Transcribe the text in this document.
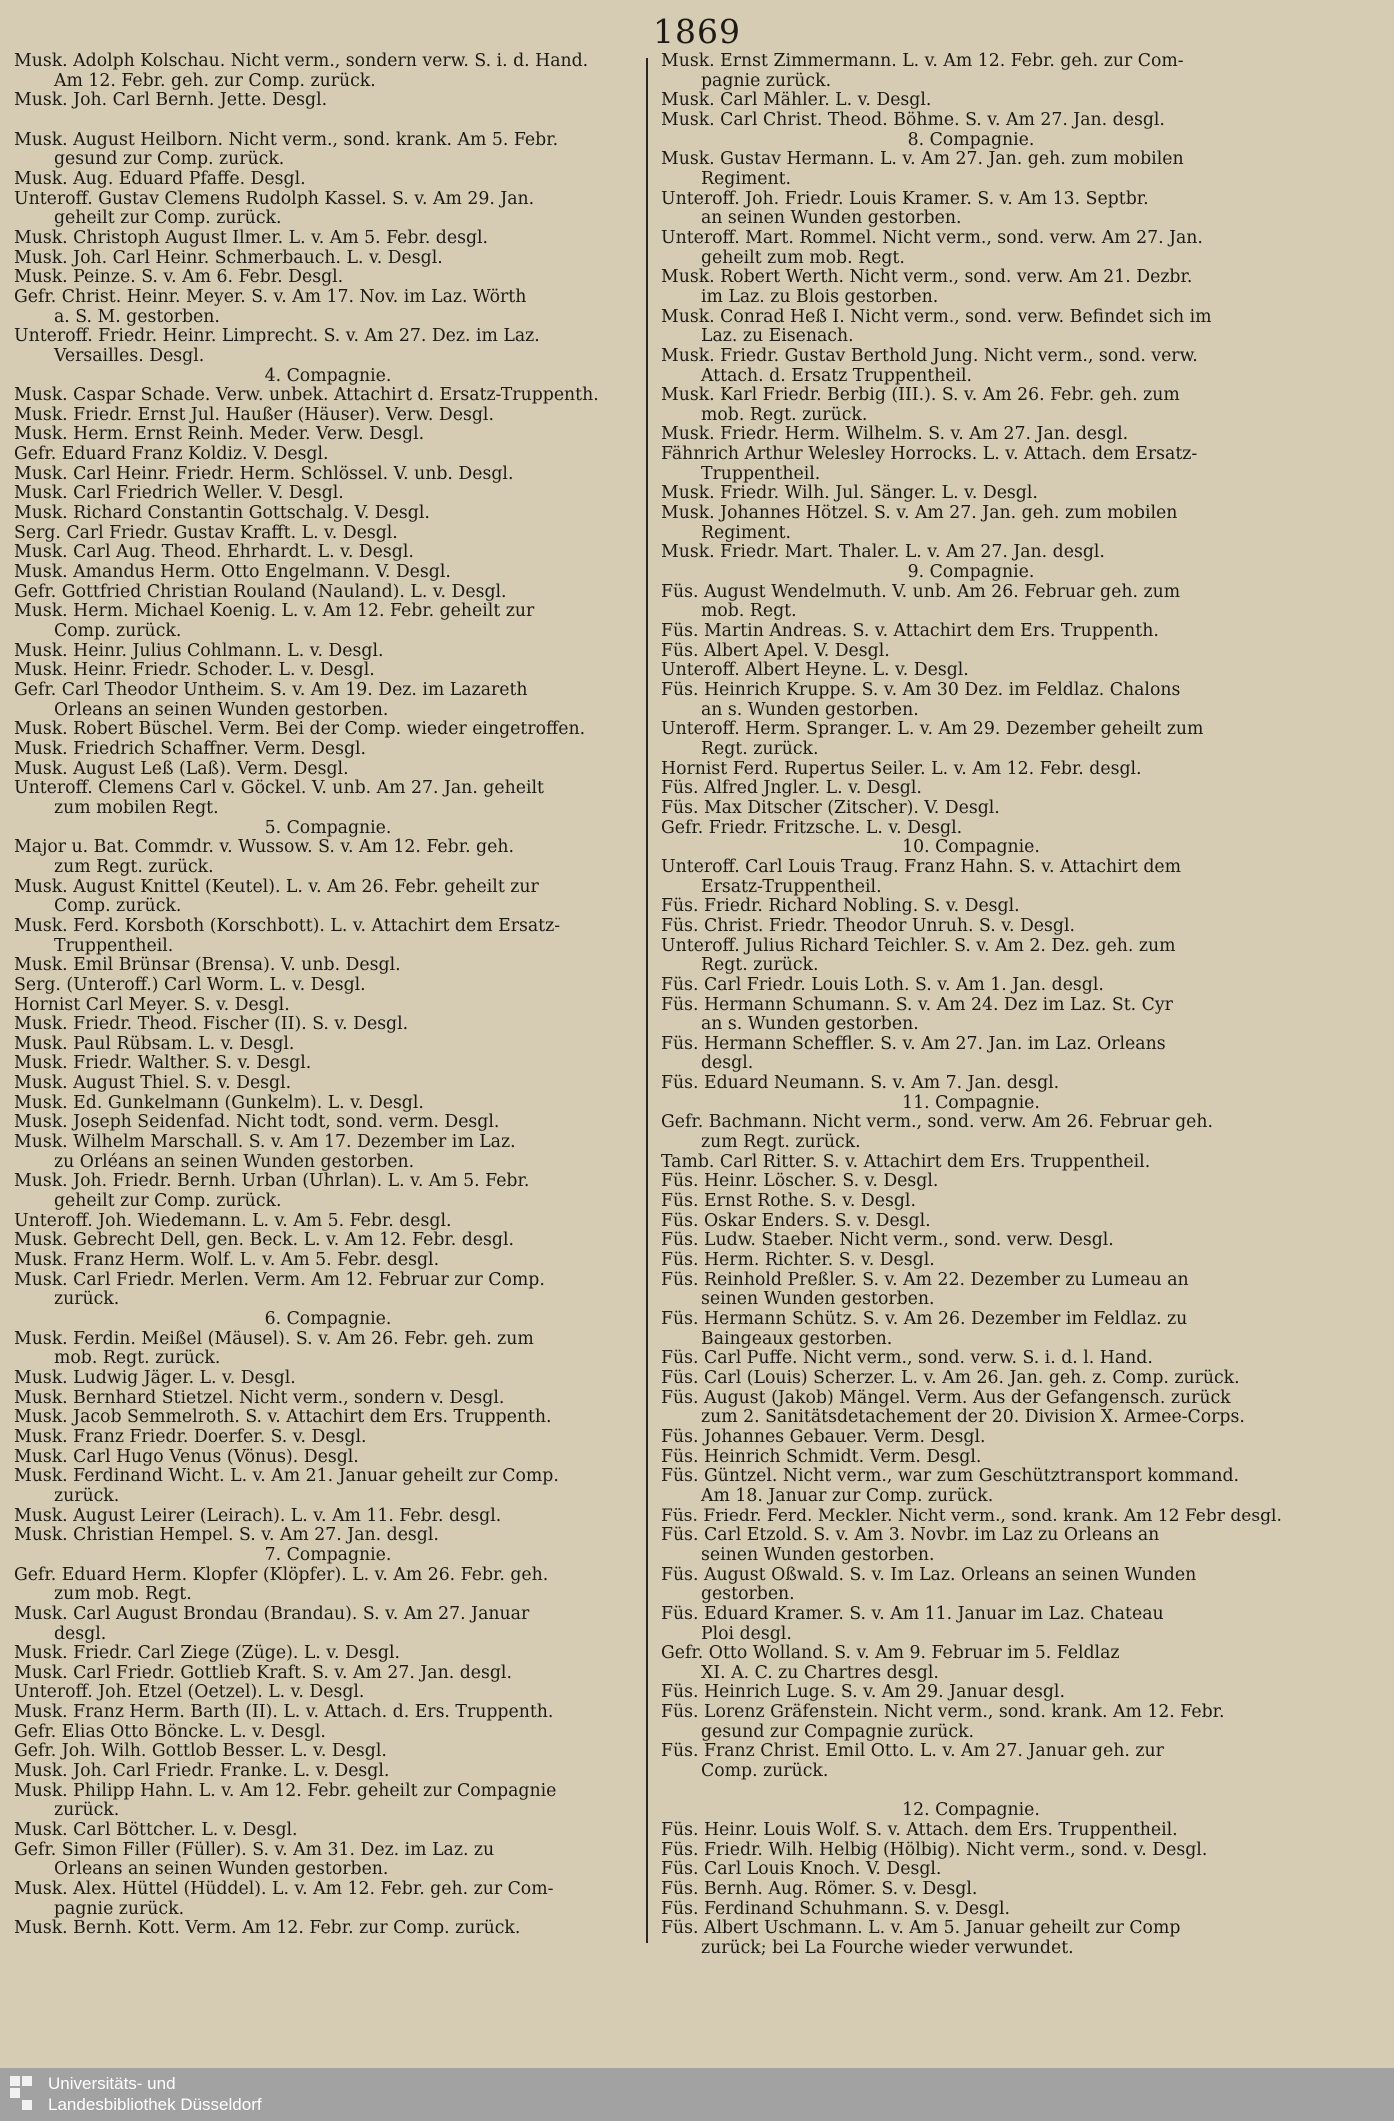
1869
Musk. Adolph Kolschau. Nicht verm., sondern verw. S. i. d. Hand.
Am 12. Febr. geh. zur Comp. zurück.
Musk. Joh. Carl Bernh. Jette. Desgl.

Musk. August Heilborn. Nicht verm., sond. krank. Am 5. Febr.
gesund zur Comp. zurück.
Musk. Aug. Eduard Pfaffe. Desgl.
Unteroff. Gustav Clemens Rudolph Kassel. S. v. Am 29. Jan.
geheilt zur Comp. zurück.
Musk. Christoph August Ilmer. L. v. Am 5. Febr. desgl.
Musk. Joh. Carl Heinr. Schmerbauch. L. v. Desgl.
Musk. Peinze. S. v. Am 6. Febr. Desgl.
Gefr. Christ. Heinr. Meyer. S. v. Am 17. Nov. im Laz. Wörth
a. S. M. gestorben.
Unteroff. Friedr. Heinr. Limprecht. S. v. Am 27. Dez. im Laz.
Versailles. Desgl.
4. Compagnie.
Musk. Caspar Schade. Verw. unbek. Attachirt d. Ersatz-Truppenth.
Musk. Friedr. Ernst Jul. Haußer (Häuser). Verw. Desgl.
Musk. Herm. Ernst Reinh. Meder. Verw. Desgl.
Gefr. Eduard Franz Koldiz. V. Desgl.
Musk. Carl Heinr. Friedr. Herm. Schlössel. V. unb. Desgl.
Musk. Carl Friedrich Weller. V. Desgl.
Musk. Richard Constantin Gottschalg. V. Desgl.
Serg. Carl Friedr. Gustav Krafft. L. v. Desgl.
Musk. Carl Aug. Theod. Ehrhardt. L. v. Desgl.
Musk. Amandus Herm. Otto Engelmann. V. Desgl.
Gefr. Gottfried Christian Rouland (Nauland). L. v. Desgl.
Musk. Herm. Michael Koenig. L. v. Am 12. Febr. geheilt zur
Comp. zurück.
Musk. Heinr. Julius Cohlmann. L. v. Desgl.
Musk. Heinr. Friedr. Schoder. L. v. Desgl.
Gefr. Carl Theodor Untheim. S. v. Am 19. Dez. im Lazareth
Orleans an seinen Wunden gestorben.
Musk. Robert Büschel. Verm. Bei der Comp. wieder eingetroffen.
Musk. Friedrich Schaffner. Verm. Desgl.
Musk. August Leß (Laß). Verm. Desgl.
Unteroff. Clemens Carl v. Göckel. V. unb. Am 27. Jan. geheilt
zum mobilen Regt.
5. Compagnie.
Major u. Bat. Commdr. v. Wussow. S. v. Am 12. Febr. geh.
zum Regt. zurück.
Musk. August Knittel (Keutel). L. v. Am 26. Febr. geheilt zur
Comp. zurück.
Musk. Ferd. Korsboth (Korschbott). L. v. Attachirt dem Ersatz-
Truppentheil.
Musk. Emil Brünsar (Brensa). V. unb. Desgl.
Serg. (Unteroff.) Carl Worm. L. v. Desgl.
Hornist Carl Meyer. S. v. Desgl.
Musk. Friedr. Theod. Fischer (II). S. v. Desgl.
Musk. Paul Rübsam. L. v. Desgl.
Musk. Friedr. Walther. S. v. Desgl.
Musk. August Thiel. S. v. Desgl.
Musk. Ed. Gunkelmann (Gunkelm). L. v. Desgl.
Musk. Joseph Seidenfad. Nicht todt, sond. verm. Desgl.
Musk. Wilhelm Marschall. S. v. Am 17. Dezember im Laz.
zu Orléans an seinen Wunden gestorben.
Musk. Joh. Friedr. Bernh. Urban (Uhrlan). L. v. Am 5. Febr.
geheilt zur Comp. zurück.
Unteroff. Joh. Wiedemann. L. v. Am 5. Febr. desgl.
Musk. Gebrecht Dell, gen. Beck. L. v. Am 12. Febr. desgl.
Musk. Franz Herm. Wolf. L. v. Am 5. Febr. desgl.
Musk. Carl Friedr. Merlen. Verm. Am 12. Februar zur Comp.
zurück.
6. Compagnie.
Musk. Ferdin. Meißel (Mäusel). S. v. Am 26. Febr. geh. zum
mob. Regt. zurück.
Musk. Ludwig Jäger. L. v. Desgl.
Musk. Bernhard Stietzel. Nicht verm., sondern v. Desgl.
Musk. Jacob Semmelroth. S. v. Attachirt dem Ers. Truppenth.
Musk. Franz Friedr. Doerfer. S. v. Desgl.
Musk. Carl Hugo Venus (Vönus). Desgl.
Musk. Ferdinand Wicht. L. v. Am 21. Januar geheilt zur Comp.
zurück.
Musk. August Leirer (Leirach). L. v. Am 11. Febr. desgl.
Musk. Christian Hempel. S. v. Am 27. Jan. desgl.
7. Compagnie.
Gefr. Eduard Herm. Klopfer (Klöpfer). L. v. Am 26. Febr. geh.
zum mob. Regt.
Musk. Carl August Brondau (Brandau). S. v. Am 27. Januar
desgl.
Musk. Friedr. Carl Ziege (Züge). L. v. Desgl.
Musk. Carl Friedr. Gottlieb Kraft. S. v. Am 27. Jan. desgl.
Unteroff. Joh. Etzel (Oetzel). L. v. Desgl.
Musk. Franz Herm. Barth (II). L. v. Attach. d. Ers. Truppenth.
Gefr. Elias Otto Böncke. L. v. Desgl.
Gefr. Joh. Wilh. Gottlob Besser. L. v. Desgl.
Musk. Joh. Carl Friedr. Franke. L. v. Desgl.
Musk. Philipp Hahn. L. v. Am 12. Febr. geheilt zur Compagnie
zurück.
Musk. Carl Böttcher. L. v. Desgl.
Gefr. Simon Filler (Füller). S. v. Am 31. Dez. im Laz. zu
Orleans an seinen Wunden gestorben.
Musk. Alex. Hüttel (Hüddel). L. v. Am 12. Febr. geh. zur Com-
pagnie zurück.
Musk. Bernh. Kott. Verm. Am 12. Febr. zur Comp. zurück.
Musk. Ernst Zimmermann. L. v. Am 12. Febr. geh. zur Com-
pagnie zurück.
Musk. Carl Mähler. L. v. Desgl.
Musk. Carl Christ. Theod. Böhme. S. v. Am 27. Jan. desgl.
8. Compagnie.
Musk. Gustav Hermann. L. v. Am 27. Jan. geh. zum mobilen
Regiment.
Unteroff. Joh. Friedr. Louis Kramer. S. v. Am 13. Septbr.
an seinen Wunden gestorben.
Unteroff. Mart. Rommel. Nicht verm., sond. verw. Am 27. Jan.
geheilt zum mob. Regt.
Musk. Robert Werth. Nicht verm., sond. verw. Am 21. Dezbr.
im Laz. zu Blois gestorben.
Musk. Conrad Heß I. Nicht verm., sond. verw. Befindet sich im
Laz. zu Eisenach.
Musk. Friedr. Gustav Berthold Jung. Nicht verm., sond. verw.
Attach. d. Ersatz Truppentheil.
Musk. Karl Friedr. Berbig (III.). S. v. Am 26. Febr. geh. zum
mob. Regt. zurück.
Musk. Friedr. Herm. Wilhelm. S. v. Am 27. Jan. desgl.
Fähnrich Arthur Welesley Horrocks. L. v. Attach. dem Ersatz-
Truppentheil.
Musk. Friedr. Wilh. Jul. Sänger. L. v. Desgl.
Musk. Johannes Hötzel. S. v. Am 27. Jan. geh. zum mobilen
Regiment.
Musk. Friedr. Mart. Thaler. L. v. Am 27. Jan. desgl.
9. Compagnie.
Füs. August Wendelmuth. V. unb. Am 26. Februar geh. zum
mob. Regt.
Füs. Martin Andreas. S. v. Attachirt dem Ers. Truppenth.
Füs. Albert Apel. V. Desgl.
Unteroff. Albert Heyne. L. v. Desgl.
Füs. Heinrich Kruppe. S. v. Am 30 Dez. im Feldlaz. Chalons
an s. Wunden gestorben.
Unteroff. Herm. Spranger. L. v. Am 29. Dezember geheilt zum
Regt. zurück.
Hornist Ferd. Rupertus Seiler. L. v. Am 12. Febr. desgl.
Füs. Alfred Jngler. L. v. Desgl.
Füs. Max Ditscher (Zitscher). V. Desgl.
Gefr. Friedr. Fritzsche. L. v. Desgl.
10. Compagnie.
Unteroff. Carl Louis Traug. Franz Hahn. S. v. Attachirt dem
Ersatz-Truppentheil.
Füs. Friedr. Richard Nobling. S. v. Desgl.
Füs. Christ. Friedr. Theodor Unruh. S. v. Desgl.
Unteroff. Julius Richard Teichler. S. v. Am 2. Dez. geh. zum
Regt. zurück.
Füs. Carl Friedr. Louis Loth. S. v. Am 1. Jan. desgl.
Füs. Hermann Schumann. S. v. Am 24. Dez im Laz. St. Cyr
an s. Wunden gestorben.
Füs. Hermann Scheffler. S. v. Am 27. Jan. im Laz. Orleans
desgl.
Füs. Eduard Neumann. S. v. Am 7. Jan. desgl.
11. Compagnie.
Gefr. Bachmann. Nicht verm., sond. verw. Am 26. Februar geh.
zum Regt. zurück.
Tamb. Carl Ritter. S. v. Attachirt dem Ers. Truppentheil.
Füs. Heinr. Löscher. S. v. Desgl.
Füs. Ernst Rothe. S. v. Desgl.
Füs. Oskar Enders. S. v. Desgl.
Füs. Ludw. Staeber. Nicht verm., sond. verw. Desgl.
Füs. Herm. Richter. S. v. Desgl.
Füs. Reinhold Preßler. S. v. Am 22. Dezember zu Lumeau an
seinen Wunden gestorben.
Füs. Hermann Schütz. S. v. Am 26. Dezember im Feldlaz. zu
Baingeaux gestorben.
Füs. Carl Puffe. Nicht verm., sond. verw. S. i. d. l. Hand.
Füs. Carl (Louis) Scherzer. L. v. Am 26. Jan. geh. z. Comp. zurück.
Füs. August (Jakob) Mängel. Verm. Aus der Gefangensch. zurück
zum 2. Sanitätsdetachement der 20. Division X. Armee-Corps.
Füs. Johannes Gebauer. Verm. Desgl.
Füs. Heinrich Schmidt. Verm. Desgl.
Füs. Güntzel. Nicht verm., war zum Geschütztransport kommand.
Am 18. Januar zur Comp. zurück.
Füs. Friedr. Ferd. Meckler. Nicht verm., sond. krank. Am 12 Febr desgl.
Füs. Carl Etzold. S. v. Am 3. Novbr. im Laz zu Orleans an
seinen Wunden gestorben.
Füs. August Oßwald. S. v. Im Laz. Orleans an seinen Wunden
gestorben.
Füs. Eduard Kramer. S. v. Am 11. Januar im Laz. Chateau
Ploi desgl.
Gefr. Otto Wolland. S. v. Am 9. Februar im 5. Feldlaz
XI. A. C. zu Chartres desgl.
Füs. Heinrich Luge. S. v. Am 29. Januar desgl.
Füs. Lorenz Gräfenstein. Nicht verm., sond. krank. Am 12. Febr.
gesund zur Compagnie zurück.
Füs. Franz Christ. Emil Otto. L. v. Am 27. Januar geh. zur
Comp. zurück.

12. Compagnie.
Füs. Heinr. Louis Wolf. S. v. Attach. dem Ers. Truppentheil.
Füs. Friedr. Wilh. Helbig (Hölbig). Nicht verm., sond. v. Desgl.
Füs. Carl Louis Knoch. V. Desgl.
Füs. Bernh. Aug. Römer. S. v. Desgl.
Füs. Ferdinand Schuhmann. S. v. Desgl.
Füs. Albert Uschmann. L. v. Am 5. Januar geheilt zur Comp
zurück; bei La Fourche wieder verwundet.
Universitäts- und
Landesbibliothek Düsseldorf
